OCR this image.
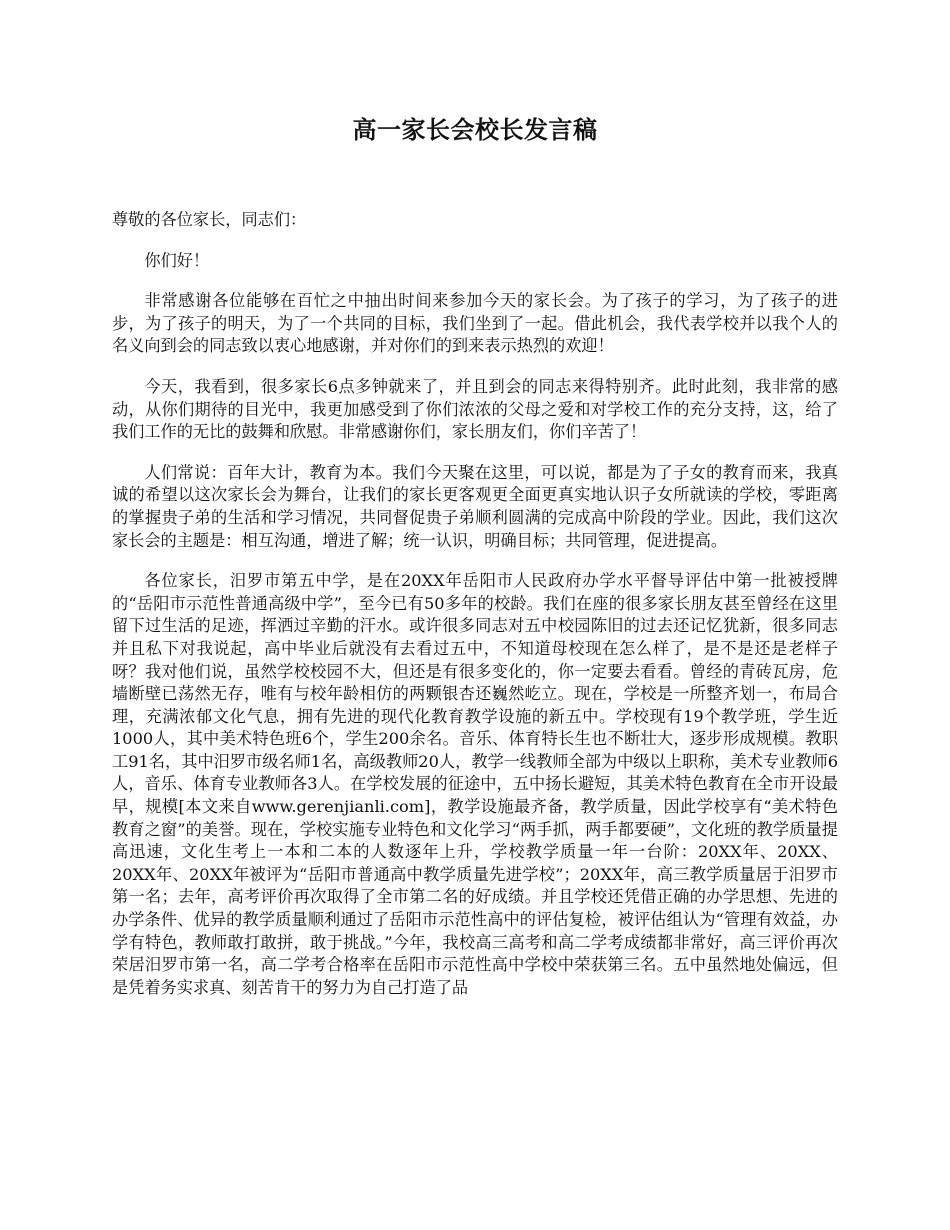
高一家长会校长发言稿

尊敬的各位家长，同志们：

你们好！

非常感谢各位能够在百忙之中抽出时间来参加今天的家长会。为了孩子的学习，为了孩子的进步，为了孩子的明天，为了一个共同的目标，我们坐到了一起。借此机会，我代表学校并以我个人的名义向到会的同志致以衷心地感谢，并对你们的到来表示热烈的欢迎！

今天，我看到，很多家长6点多钟就来了，并且到会的同志来得特别齐。此时此刻，我非常的感动，从你们期待的目光中，我更加感受到了你们浓浓的父母之爱和对学校工作的充分支持，这，给了我们工作的无比的鼓舞和欣慰。非常感谢你们，家长朋友们，你们辛苦了！

人们常说：百年大计，教育为本。我们今天聚在这里，可以说，都是为了子女的教育而来，我真诚的希望以这次家长会为舞台，让我们的家长更客观更全面更真实地认识子女所就读的学校，零距离的掌握贵子弟的生活和学习情况，共同督促贵子弟顺利圆满的完成高中阶段的学业。因此，我们这次家长会的主题是：相互沟通，增进了解；统一认识，明确目标；共同管理，促进提高。

各位家长，汨罗市第五中学，是在20XX年岳阳市人民政府办学水平督导评估中第一批被授牌的“岳阳市示范性普通高级中学”，至今已有50多年的校龄。我们在座的很多家长朋友甚至曾经在这里留下过生活的足迹，挥洒过辛勤的汗水。或许很多同志对五中校园陈旧的过去还记忆犹新，很多同志并且私下对我说起，高中毕业后就没有去看过五中，不知道母校现在怎么样了，是不是还是老样子呀？我对他们说，虽然学校校园不大，但还是有很多变化的，你一定要去看看。曾经的青砖瓦房，危墙断壁已荡然无存，唯有与校年龄相仿的两颗银杏还巍然屹立。现在，学校是一所整齐划一，布局合理，充满浓郁文化气息，拥有先进的现代化教育教学设施的新五中。学校现有19个教学班，学生近1000人，其中美术特色班6个，学生200余名。音乐、体育特长生也不断壮大，逐步形成规模。教职工91名，其中汨罗市级名师1名，高级教师20人，教学一线教师全部为中级以上职称，美术专业教师6人，音乐、体育专业教师各3人。在学校发展的征途中，五中扬长避短，其美术特色教育在全市开设最早，规模[本文来自www.gerenjianli.com]，教学设施最齐备，教学质量，因此学校享有“美术特色教育之窗”的美誉。现在，学校实施专业特色和文化学习“两手抓，两手都要硬”，文化班的教学质量提高迅速，文化生考上一本和二本的人数逐年上升，学校教学质量一年一台阶：20XX年、20XX、20XX年、20XX年被评为“岳阳市普通高中教学质量先进学校”；20XX年，高三教学质量居于汨罗市第一名；去年，高考评价再次取得了全市第二名的好成绩。并且学校还凭借正确的办学思想、先进的办学条件、优异的教学质量顺利通过了岳阳市示范性高中的评估复检，被评估组认为“管理有效益，办学有特色，教师敢打敢拼，敢于挑战。”今年，我校高三高考和高二学考成绩都非常好，高三评价再次荣居汨罗市第一名，高二学考合格率在岳阳市示范性高中学校中荣获第三名。五中虽然地处偏远，但是凭着务实求真、刻苦肯干的努力为自己打造了品
